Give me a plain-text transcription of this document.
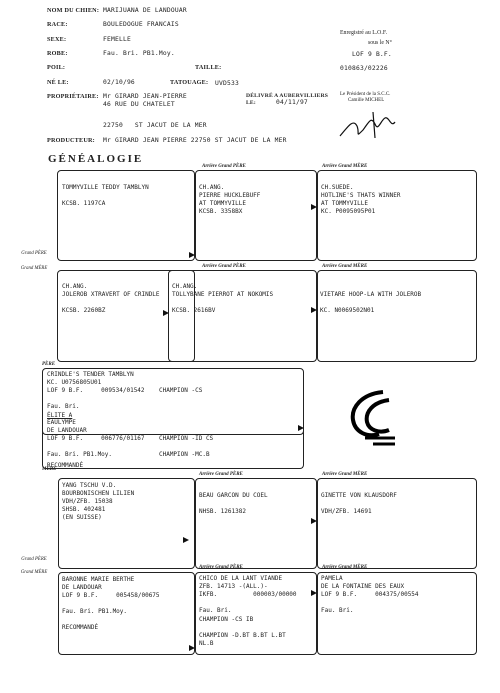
NOM DU CHIEN: MARIJUANA DE LANDOUAR
RACE:	BOULEDOGUE FRANCAIS
SEXE:	FEMELLE
ROBE:	Fau. Bri. PB1.Moy.
POIL:	TAILLE:
NÉ LE:	02/10/96	TATOUAGE: UVD533
PROPRIÉTAIRE: Mr GIRARD JEAN-PIERRE
46 RUE DU CHATELET
22750   ST JACUT DE LA MER
DÉLIVRÉ A AUBERVILLIERS
LE:	04/11/97
PRODUCTEUR: Mr GIRARD JEAN PIERRE 22750 ST JACUT DE LA MER
Enregistré au L.O.F.
sous le N°
LOF 9 B.F.
010863/02226
Le Président de la S.C.C.
Camille MICHEL
GÉNÉALOGIE
Arrière Grand PÈRE	Arrière Grand MÈRE
TOMMYVILLE TEDDY TAMBLYN

KCSB. 1197CA
CH.ANG.
PIERRE HUCKLEBUFF
AT TOMMYVILLE
KCSB. 3358BX
CH.SUEDE.
HOTLINE'S THATS WINNER
AT TOMMYVILLE
KC. P0095095P01
Grand PÈRE
Grand MÈRE	Arrière Grand PÈRE	Arrière Grand MÈRE
CH.ANG.
JOLEROB XTRAVERT OF CRINDLE

KCSB. 2260BZ
CH.ANG.
TOLLYBANE PIERROT AT NOKOMIS

KCSB. 2616BV

VIETARE HOOP-LA WITH JOLEROB

KC. N0069502N01
PÈRE
CRINDLE'S TENDER TAMBLYN
KC. U0756805U01
LOF 9 B.F.     009534/01542    CHAMPION -CS

Fau. Bri.
ÉLITE A
EAULYMPE
DE LANDOUAR
LOF 9 B.F.     006776/01167    CHAMPION -ID CS

Fau. Bri. PB1.Moy.             CHAMPION -MC.B
RECOMMANDÉ
MÈRE
Arrière Grand PÈRE	Arrière Grand MÈRE
YANG TSCHU V.D.
BOURBONISCHEN LILIEN
VDH/ZFB. 15038
SHSB. 402481
(EN SUISSE)
BEAU GARCON DU COEL

NHSB. 1261382
GINETTE VON KLAUSDORF

VDH/ZFB. 14691
Grand PÈRE
Grand MÈRE
Arrière Grand PÈRE	Arrière Grand MÈRE
BARONNE MARIE BERTHE
DE LANDOUAR
LOF 9 B.F.     005458/00675

Fau. Bri. PB1.Moy.

RECOMMANDÉ
CHICO DE LA LANT VIANDE
ZFB. 14713 -(ALL.)-
IKFB.          000003/00000

Fau. Bri.
CHAMPION -CS IB

CHAMPION -D.BT B.BT L.BT
NL.B
PAMELA
DE LA FONTAINE DES EAUX
LOF 9 B.F.     004375/00554

Fau. Bri.
